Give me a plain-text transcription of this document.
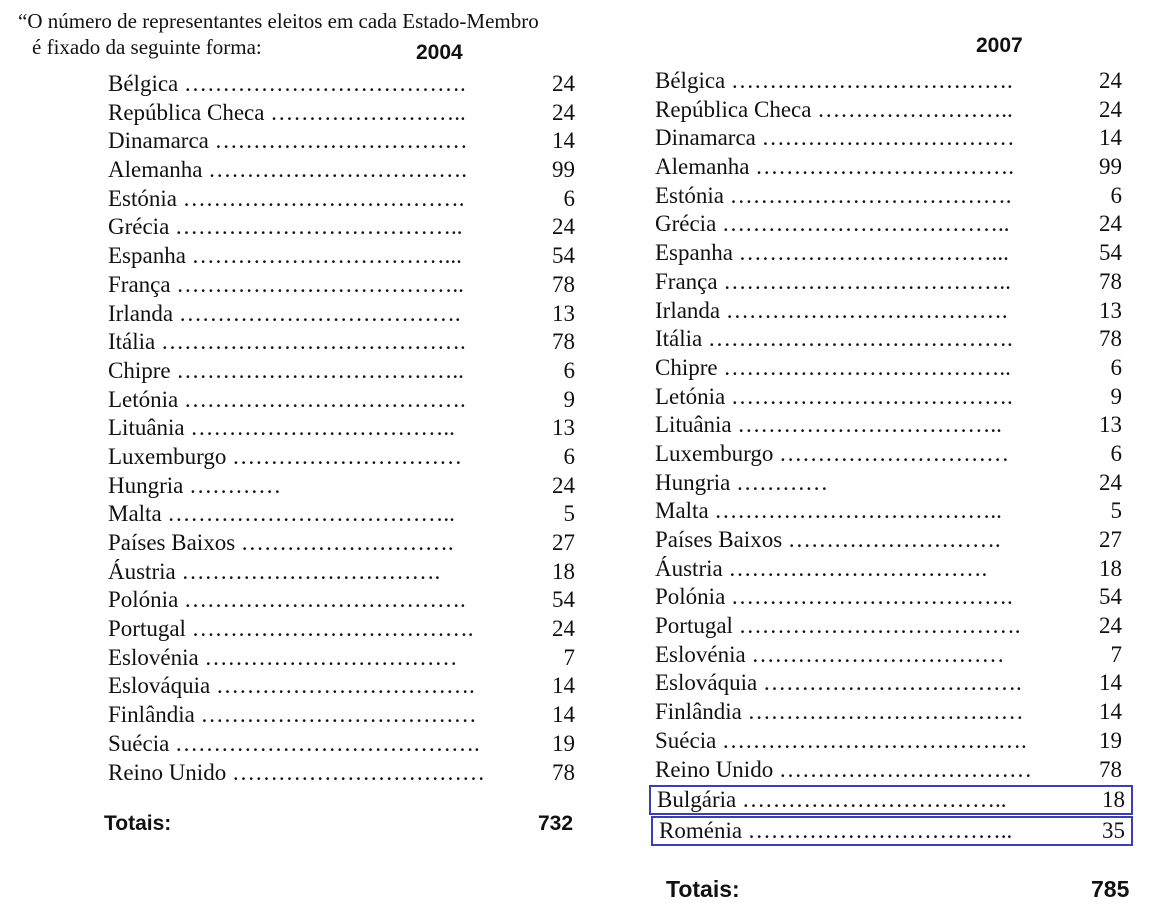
“O número de representantes eleitos em cada Estado-Membro
é fixado da seguinte forma:	2004	2007
Bélgica ……………………………….	24
República Checa ……………………..	24
Dinamarca ……………………………	14
Alemanha …………………………….	99
Estónia ……………………………….	6
Grécia ………………………………..	24
Espanha ……………………………...	54
França ………………………………..	78
Irlanda ……………………………….	13
Itália ………………………………….	78
Chipre ………………………………..	6
Letónia ……………………………….	9
Lituânia ……………………………..	13
Luxemburgo …………………………	6
Hungria …………	24
Malta ………………………………..	5
Países Baixos ……………………….	27
Áustria …………………………….	18
Polónia ……………………………….	54
Portugal ……………………………….	24
Eslovénia ……………………………	7
Eslováquia …………………………….	14
Finlândia ………………………………	14
Suécia ………………………………….	19
Reino Unido ……………………………	78
Bélgica ……………………………….	24
República Checa ……………………..	24
Dinamarca ……………………………	14
Alemanha …………………………….	99
Estónia ……………………………….	6
Grécia ………………………………..	24
Espanha ……………………………...	54
França ………………………………..	78
Irlanda ……………………………….	13
Itália ………………………………….	78
Chipre ………………………………..	6
Letónia ……………………………….	9
Lituânia ……………………………..	13
Luxemburgo …………………………	6
Hungria …………	24
Malta ………………………………..	5
Países Baixos ……………………….	27
Áustria …………………………….	18
Polónia ……………………………….	54
Portugal ……………………………….	24
Eslovénia ……………………………	7
Eslováquia …………………………….	14
Finlândia ………………………………	14
Suécia ………………………………….	19
Reino Unido ……………………………	78
Bulgária ……………………………..	18
Roménia ……………………………..	35
Totais:	732
Totais:	785
